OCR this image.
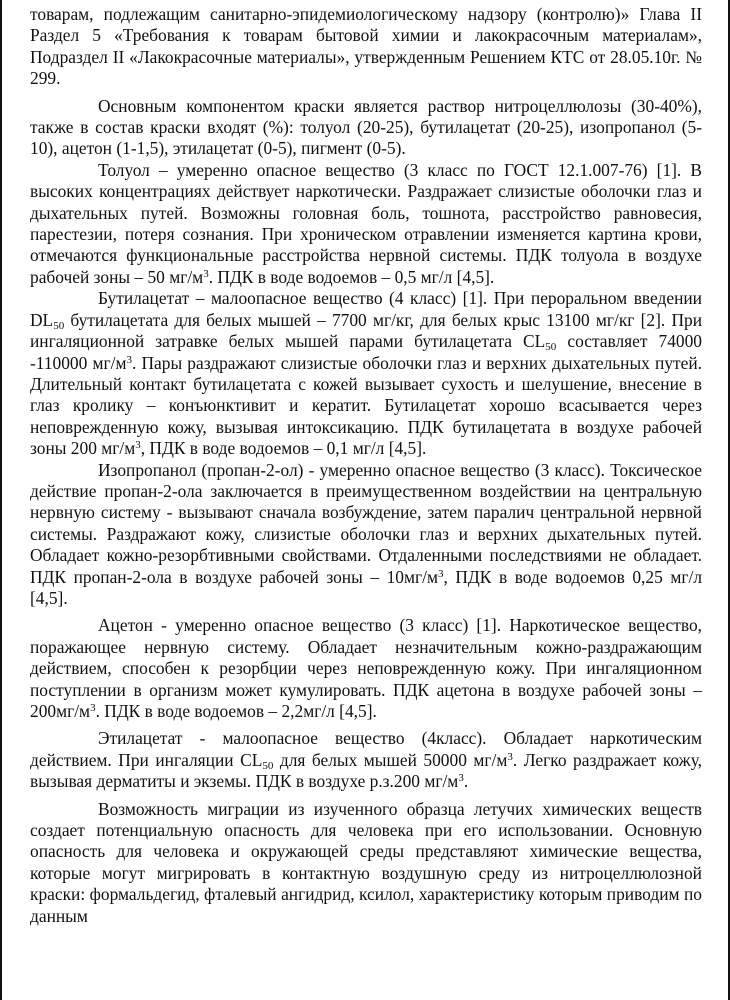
товарам, подлежащим санитарно-эпидемиологическому надзору (контролю)» Глава II Раздел 5 «Требования к товарам бытовой химии и лакокрасочным материалам», Подраздел II «Лакокрасочные материалы», утвержденным Решением КТС от 28.05.10г. № 299.

Основным компонентом краски является раствор нитроцеллюлозы (30-40%), также в состав краски входят (%): толуол (20-25), бутилацетат (20-25), изопропанол (5-10), ацетон (1-1,5), этилацетат (0-5), пигмент (0-5).

Толуол – умеренно опасное вещество (3 класс по ГОСТ 12.1.007-76) [1]. В высоких концентрациях действует наркотически. Раздражает слизистые оболочки глаз и дыхательных путей. Возможны головная боль, тошнота, расстройство равновесия, парестезии, потеря сознания. При хроническом отравлении изменяется картина крови, отмечаются функциональные расстройства нервной системы. ПДК толуола в воздухе рабочей зоны – 50 $мг/м^3$. ПДК в воде водоемов – 0,5 мг/л [4,5].

Бутилацетат – малоопасное вещество (4 класс) [1]. При пероральном введении $DL_{50}$ бутилацетата для белых мышей – 7700 мг/кг, для белых крыс 13100 мг/кг [2]. При ингаляционной затравке белых мышей парами бутилацетата $CL_{50}$ составляет 74000 -110000 $мг/м^3$. Пары раздражают слизистые оболочки глаз и верхних дыхательных путей. Длительный контакт бутилацетата с кожей вызывает сухость и шелушение, внесение в глаз кролику – конъюнктивит и кератит. Бутилацетат хорошо всасывается через неповрежденную кожу, вызывая интоксикацию. ПДК бутилацетата в воздухе рабочей зоны 200 $мг/м^3$, ПДК в воде водоемов – 0,1 мг/л [4,5].

Изопропанол (пропан-2-ол) - умеренно опасное вещество (3 класс). Токсическое действие пропан-2-ола заключается в преимущественном воздействии на центральную нервную систему - вызывают сначала возбуждение, затем паралич центральной нервной системы. Раздражают кожу, слизистые оболочки глаз и верхних дыхательных путей. Обладает кожно-резорбтивными свойствами. Отдаленными последствиями не обладает. ПДК пропан-2-ола в воздухе рабочей зоны – $10мг/м^3$, ПДК в воде водоемов 0,25 мг/л [4,5].

Ацетон - умеренно опасное вещество (3 класс) [1]. Наркотическое вещество, поражающее нервную систему. Обладает незначительным кожно-раздражающим действием, способен к резорбции через неповрежденную кожу. При ингаляционном поступлении в организм может кумулировать. ПДК ацетона в воздухе рабочей зоны $-200мг/м^3$. ПДК в воде водоемов – 2,2мг/л [4,5].

Этилацетат - малоопасное вещество (4класс). Обладает наркотическим действием. При ингаляции $CL_{50}$ для белых мышей 50000 $мг/м^3$. Легко раздражает кожу, вызывая дерматиты и экземы. ПДК в воздухе р.з.200 $мг/м^3$.

Возможность миграции из изученного образца летучих химических веществ создает потенциальную опасность для человека при его использовании. Основную опасность для человека и окружающей среды представляют химические вещества, которые могут мигрировать в контактную воздушную среду из нитроцеллюлозной краски: формальдегид, фталевый ангидрид, ксилол, характеристику которым приводим по данным
